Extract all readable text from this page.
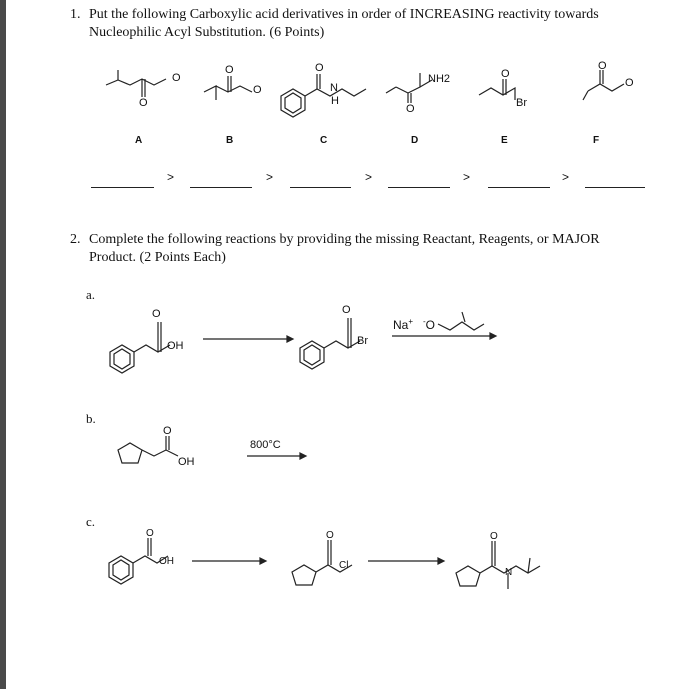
1. Put the following Carboxylic acid derivatives in order of INCREASING reactivity towards
Nucleophilic Acyl Substitution. (6 Points)
O
O
O
O
O
N
H
O
NH2	O
Br
O
O
A	B	C	D	E	F
>	>	>	>	>
2. Complete the following reactions by providing the missing Reactant, Reagents, or MAJOR
Product. (2 Points Each)
a.
O
OH
O
Br
Na+ -O
b.
O
OH
800°C
c.
O
OH
O
Cl
O
N
